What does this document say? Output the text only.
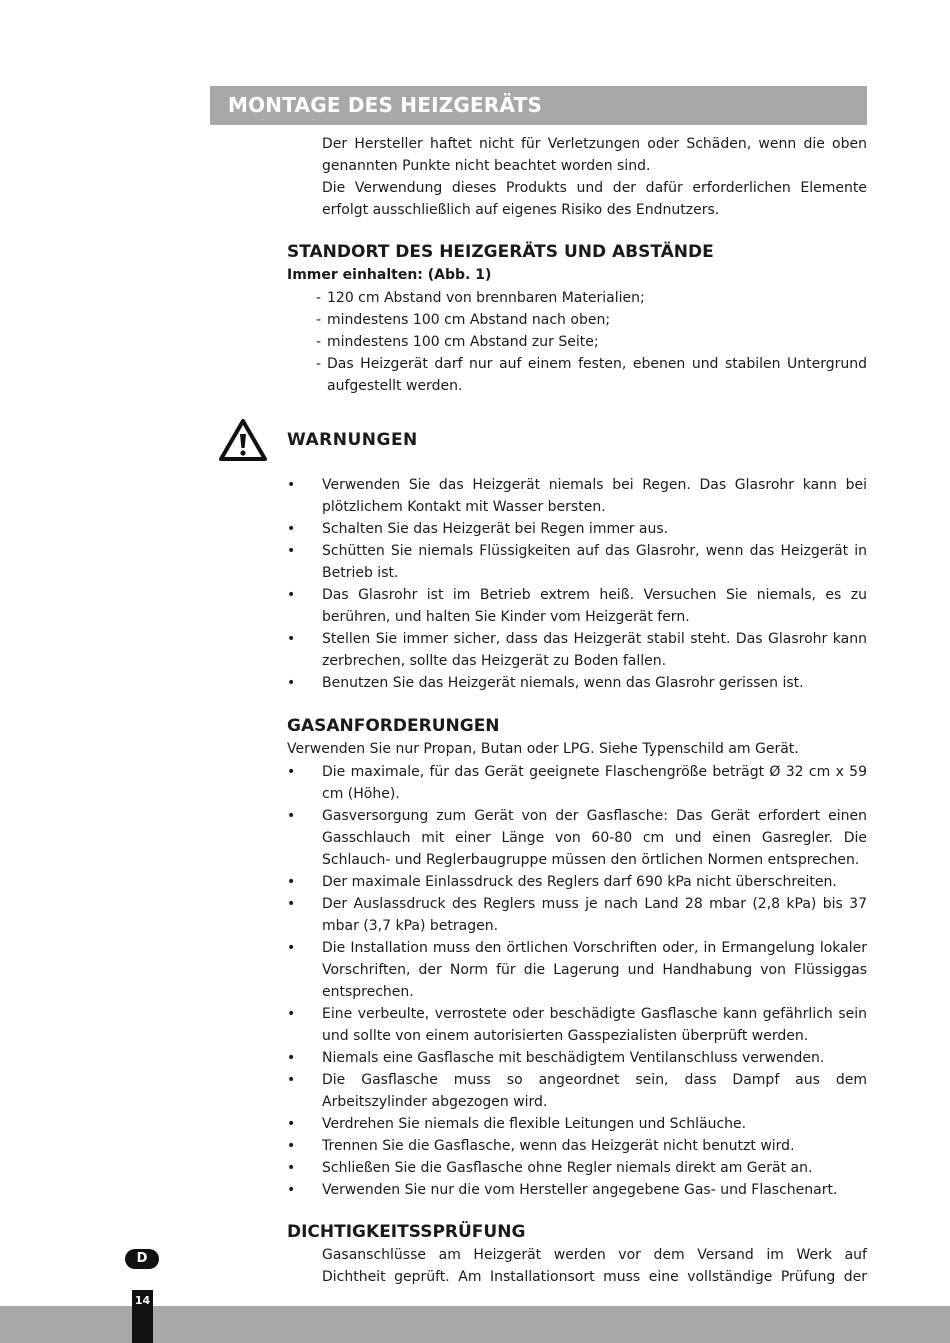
MONTAGE DES HEIZGERÄTS
Der Hersteller haftet nicht für Verletzungen oder Schäden, wenn die oben genannten Punkte nicht beachtet worden sind.
Die Verwendung dieses Produkts und der dafür erforderlichen Elemente erfolgt ausschließlich auf eigenes Risiko des Endnutzers.
STANDORT DES HEIZGERÄTS UND ABSTÄNDE
Immer einhalten: (Abb. 1)
- 120 cm Abstand von brennbaren Materialien;
- mindestens 100 cm Abstand nach oben;
- mindestens 100 cm Abstand zur Seite;
- Das Heizgerät darf nur auf einem festen, ebenen und stabilen Untergrund aufgestellt werden.
WARNUNGEN
• Verwenden Sie das Heizgerät niemals bei Regen. Das Glasrohr kann bei plötzlichem Kontakt mit Wasser bersten.
• Schalten Sie das Heizgerät bei Regen immer aus.
• Schütten Sie niemals Flüssigkeiten auf das Glasrohr, wenn das Heizgerät in Betrieb ist.
• Das Glasrohr ist im Betrieb extrem heiß. Versuchen Sie niemals, es zu berühren, und halten Sie Kinder vom Heizgerät fern.
• Stellen Sie immer sicher, dass das Heizgerät stabil steht. Das Glasrohr kann zerbrechen, sollte das Heizgerät zu Boden fallen.
• Benutzen Sie das Heizgerät niemals, wenn das Glasrohr gerissen ist.
GASANFORDERUNGEN
Verwenden Sie nur Propan, Butan oder LPG. Siehe Typenschild am Gerät.
• Die maximale, für das Gerät geeignete Flaschengröße beträgt Ø 32 cm x 59 cm (Höhe).
• Gasversorgung zum Gerät von der Gasflasche: Das Gerät erfordert einen Gasschlauch mit einer Länge von 60-80 cm und einen Gasregler. Die Schlauch- und Reglerbaugruppe müssen den örtlichen Normen entsprechen.
• Der maximale Einlassdruck des Reglers darf 690 kPa nicht überschreiten.
• Der Auslassdruck des Reglers muss je nach Land 28 mbar (2,8 kPa) bis 37 mbar (3,7 kPa) betragen.
• Die Installation muss den örtlichen Vorschriften oder, in Ermangelung lokaler Vorschriften, der Norm für die Lagerung und Handhabung von Flüssiggas entsprechen.
• Eine verbeulte, verrostete oder beschädigte Gasflasche kann gefährlich sein und sollte von einem autorisierten Gasspezialisten überprüft werden.
• Niemals eine Gasflasche mit beschädigtem Ventilanschluss verwenden.
• Die Gasflasche muss so angeordnet sein, dass Dampf aus dem Arbeitszylinder abgezogen wird.
• Verdrehen Sie niemals die flexible Leitungen und Schläuche.
• Trennen Sie die Gasflasche, wenn das Heizgerät nicht benutzt wird.
• Schließen Sie die Gasflasche ohne Regler niemals direkt am Gerät an.
• Verwenden Sie nur die vom Hersteller angegebene Gas- und Flaschenart.
DICHTIGKEITSSPRÜFUNG
Gasanschlüsse am Heizgerät werden vor dem Versand im Werk auf
Dichtheit geprüft. Am Installationsort muss eine vollständige Prüfung der
D
14
